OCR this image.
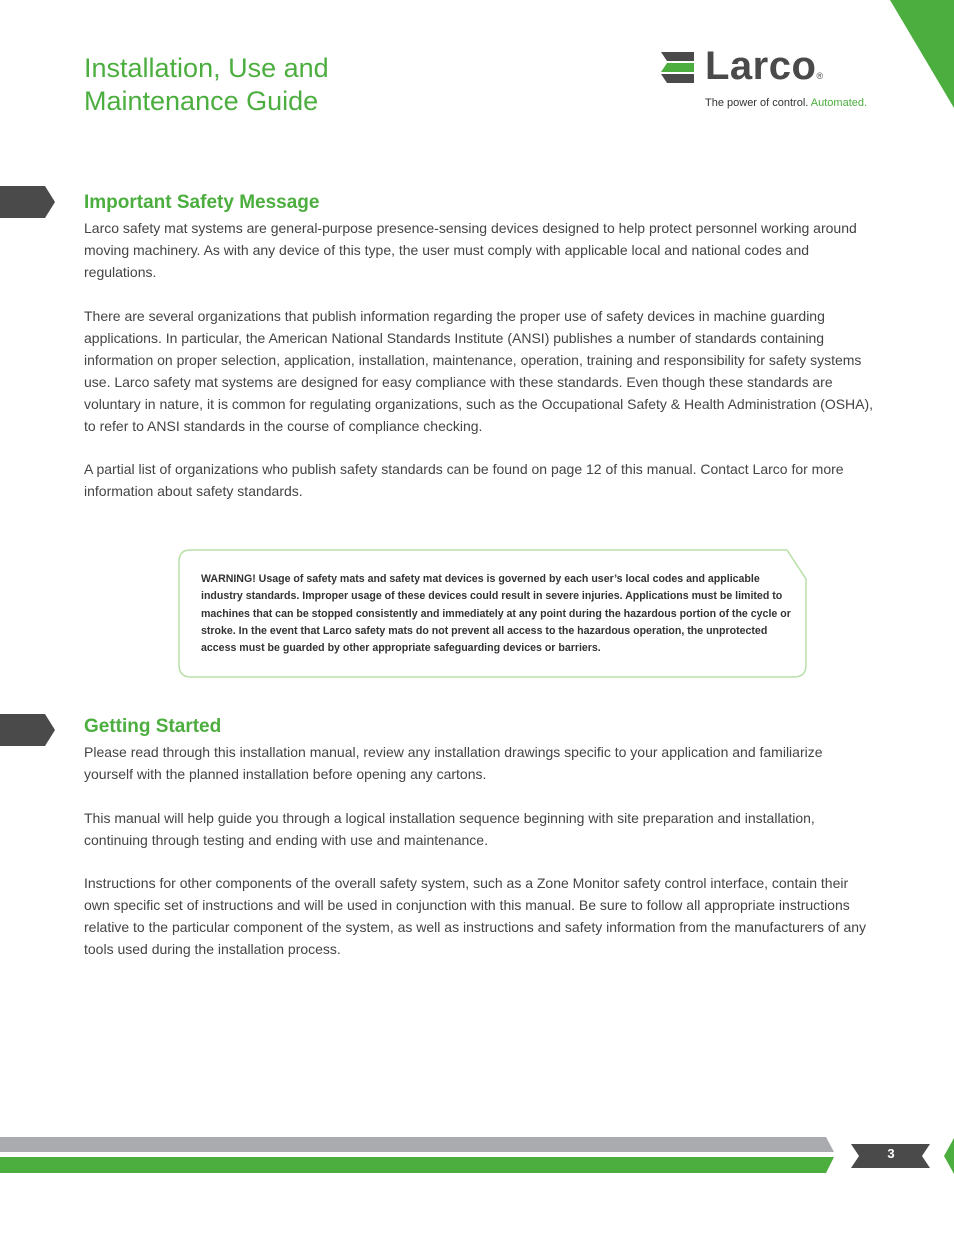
Installation, Use and
Maintenance Guide
Larco®
The power of control. Automated.
Important Safety Message

Larco safety mat systems are general-purpose presence-sensing devices designed to help protect personnel working around moving machinery. As with any device of this type, the user must comply with applicable local and national codes and regulations.

There are several organizations that publish information regarding the proper use of safety devices in machine guarding applications. In particular, the American National Standards Institute (ANSI) publishes a number of standards containing information on proper selection, application, installation, maintenance, operation, training and responsibility for safety systems use. Larco safety mat systems are designed for easy compliance with these standards. Even though these standards are voluntary in nature, it is common for regulating organizations, such as the Occupational Safety & Health Administration (OSHA), to refer to ANSI standards in the course of compliance checking.

A partial list of organizations who publish safety standards can be found on page 12 of this manual. Contact Larco for more information about safety standards.

WARNING! Usage of safety mats and safety mat devices is governed by each user’s local codes and applicable industry standards. Improper usage of these devices could result in severe injuries. Applications must be limited to machines that can be stopped consistently and immediately at any point during the hazardous portion of the cycle or stroke. In the event that Larco safety mats do not prevent all access to the hazardous operation, the unprotected access must be guarded by other appropriate safeguarding devices or barriers.
Getting Started

Please read through this installation manual, review any installation drawings specific to your application and familiarize yourself with the planned installation before opening any cartons.

This manual will help guide you through a logical installation sequence beginning with site preparation and installation, continuing through testing and ending with use and maintenance.

Instructions for other components of the overall safety system, such as a Zone Monitor safety control interface, contain their own specific set of instructions and will be used in conjunction with this manual. Be sure to follow all appropriate instructions relative to the particular component of the system, as well as instructions and safety information from the manufacturers of any tools used during the installation process.

3
